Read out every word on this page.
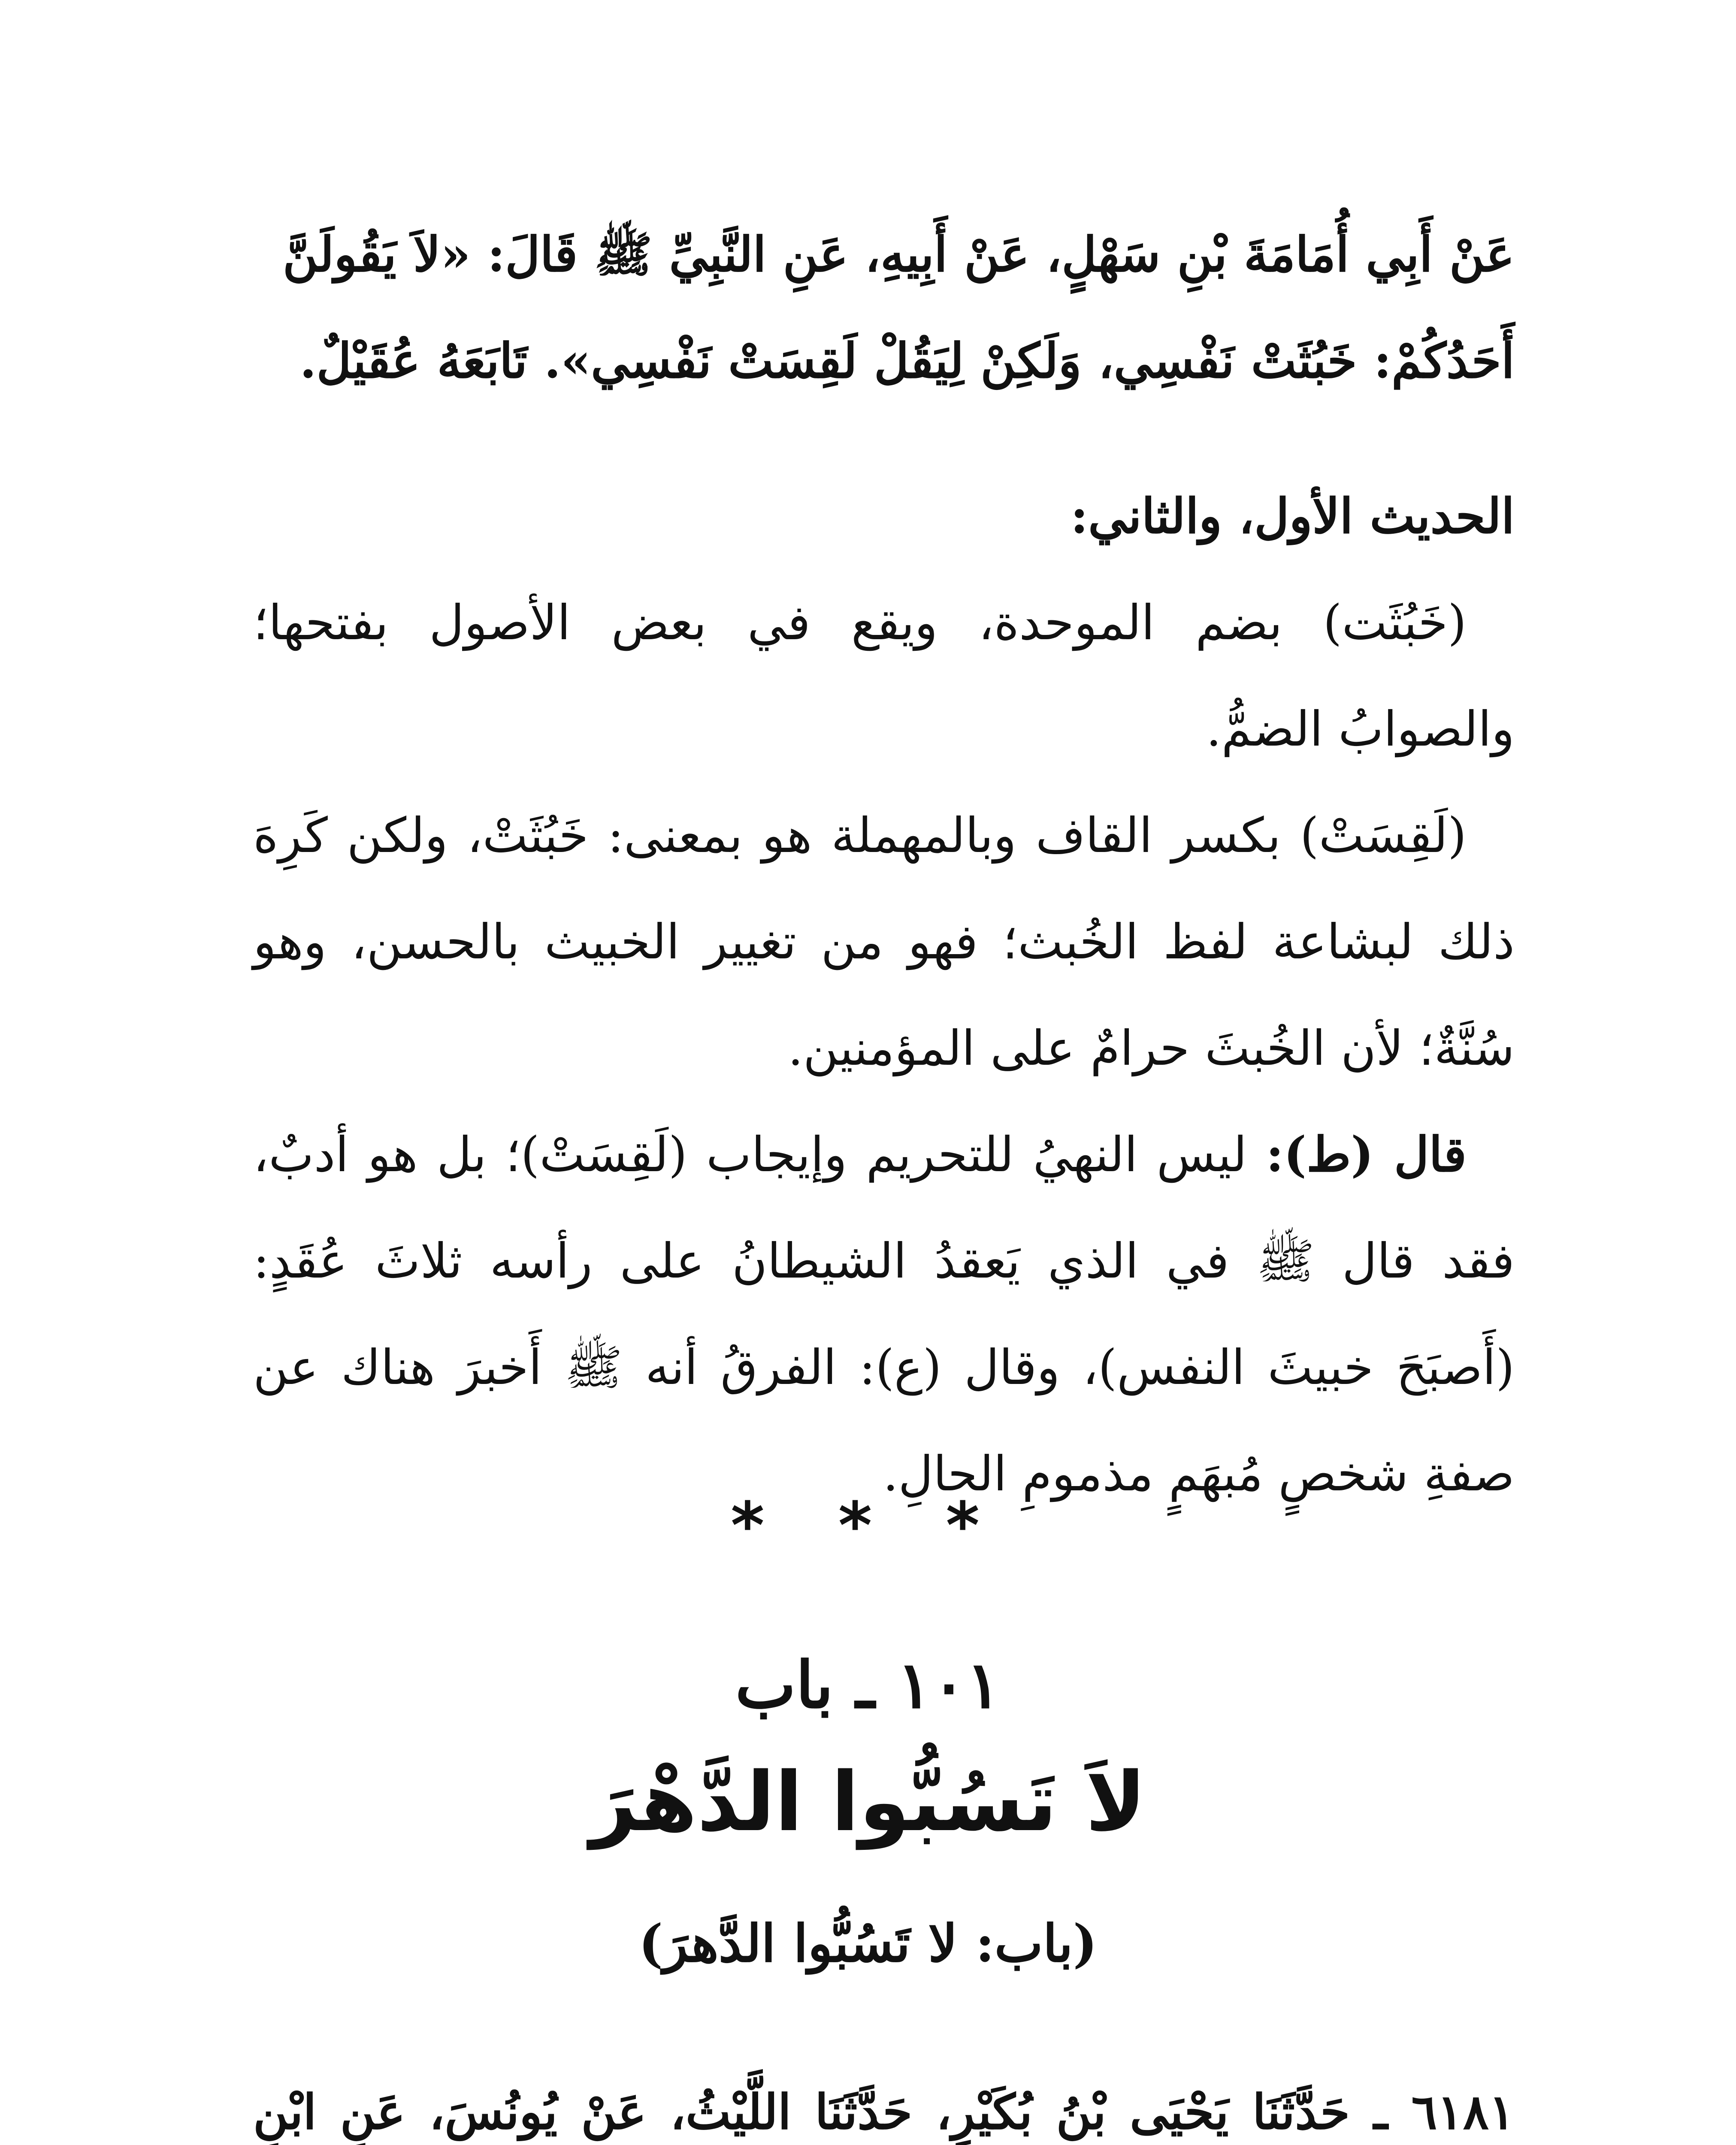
عَنْ أَبِي أُمَامَةَ بْنِ سَهْلٍ، عَنْ أَبِيهِ، عَنِ النَّبِيِّ ﷺ قَالَ: «لاَ يَقُولَنَّ

أَحَدُكُمْ: خَبُثَتْ نَفْسِي، وَلَكِنْ لِيَقُلْ لَقِسَتْ نَفْسِي». تَابَعَهُ عُقَيْلٌ.

الحديث الأول، والثاني:

(خَبُثَت) بضم الموحدة، ويقع في بعض الأصول بفتحها؛ والصوابُ الضمُّ.

(لَقِسَتْ) بكسر القاف وبالمهملة هو بمعنى: خَبُثَتْ، ولكن كَرِهَ ذلك لبشاعة لفظ الخُبث؛ فهو من تغيير الخبيث بالحسن، وهو سُنَّةٌ؛ لأن الخُبثَ حرامٌ على المؤمنين.

قال (ط): ليس النهيُ للتحريم وإيجاب (لَقِسَتْ)؛ بل هو أدبٌ، فقد قال ﷺ في الذي يَعقدُ الشيطانُ على رأسه ثلاثَ عُقَدٍ: (أَصبَحَ خبيثَ النفس)، وقال (ع): الفرقُ أنه ﷺ أَخبرَ هناك عن صفةِ شخصٍ مُبهَمٍ مذمومِ الحالِ.

* * *
١٠١ ـ باب
لاَ تَسُبُّوا الدَّهْرَ
(باب: لا تَسُبُّوا الدَّهرَ)

٦١٨١ ـ حَدَّثَنَا يَحْيَى بْنُ بُكَيْرٍ، حَدَّثَنَا اللَّيْثُ، عَنْ يُونُسَ، عَنِ ابْنِ
